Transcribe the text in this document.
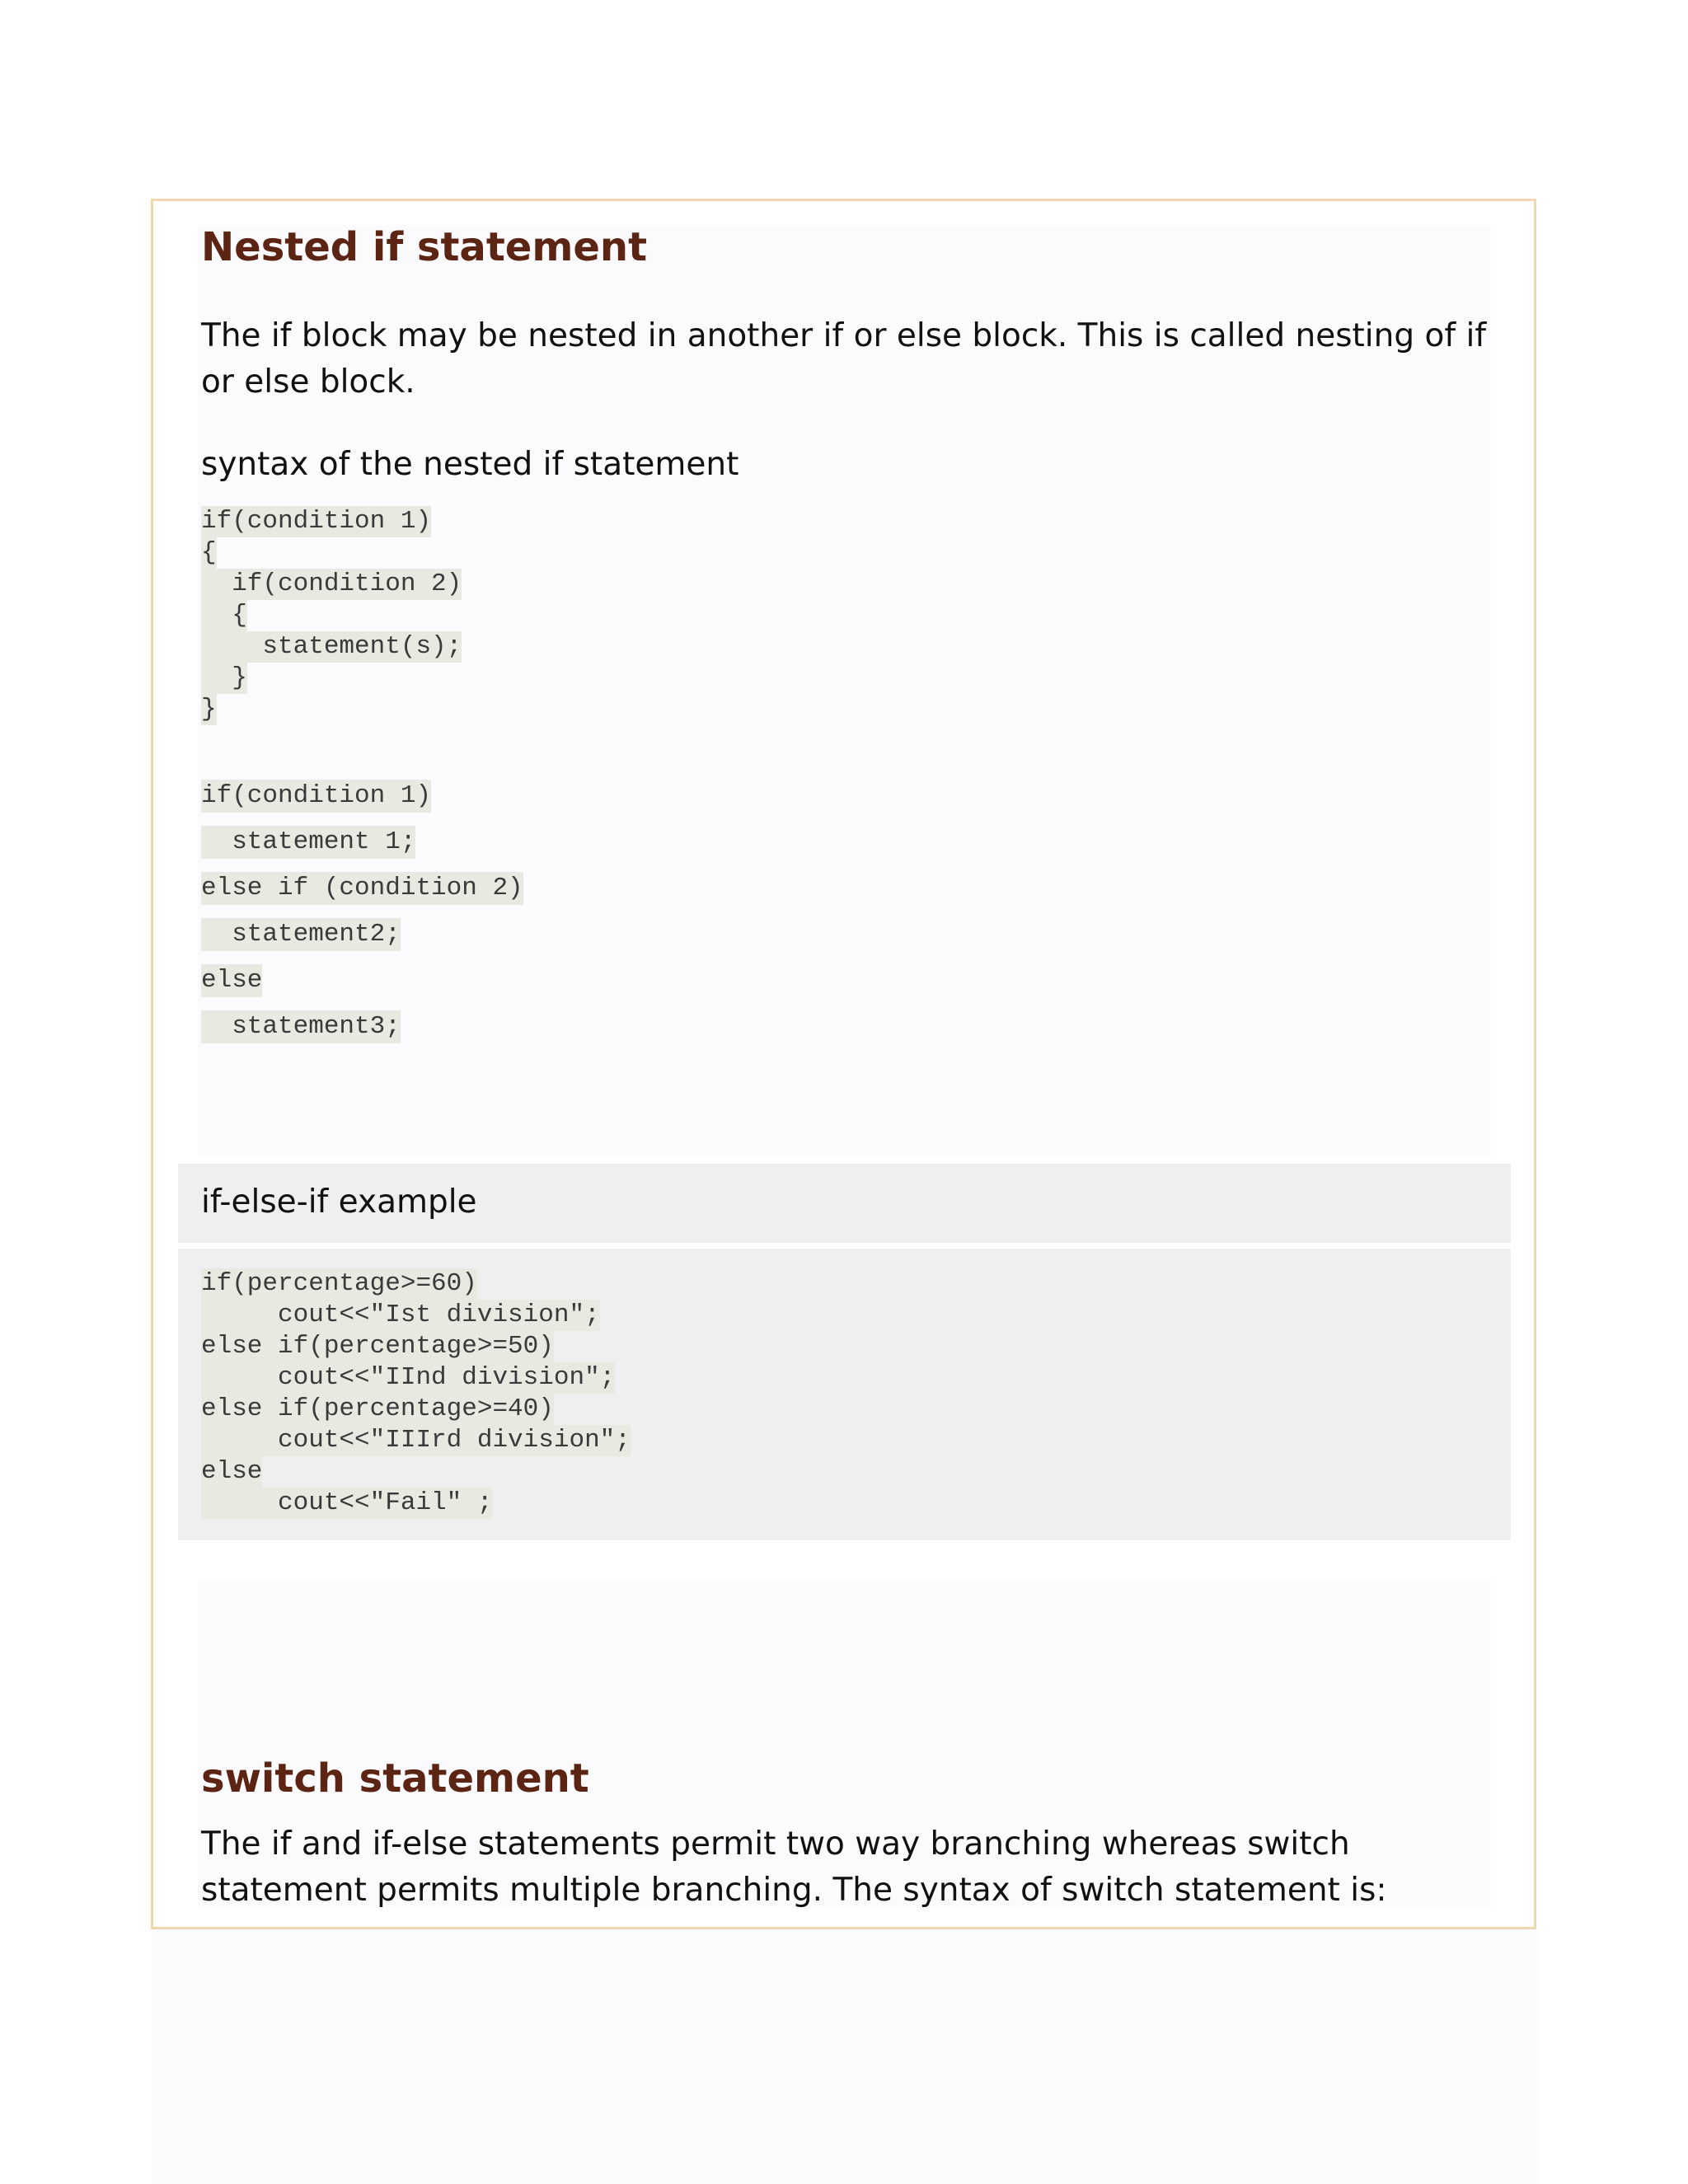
Nested if statement

The if block may be nested in another if or else block. This is called nesting of if
or else block.

syntax of the nested if statement

if(condition 1)
{
if(condition 2)
{
statement(s);
}
}
if(condition 1)
statement 1;
else if (condition 2)
statement2;
else
statement3;
if-else-if example
if(percentage>=60)
cout<<"Ist division";
else if(percentage>=50)
cout<<"IInd division";
else if(percentage>=40)
cout<<"IIIrd division";
else
cout<<"Fail" ;
switch statement

The if and if-else statements permit two way branching whereas switch
statement permits multiple branching. The syntax of switch statement is:
